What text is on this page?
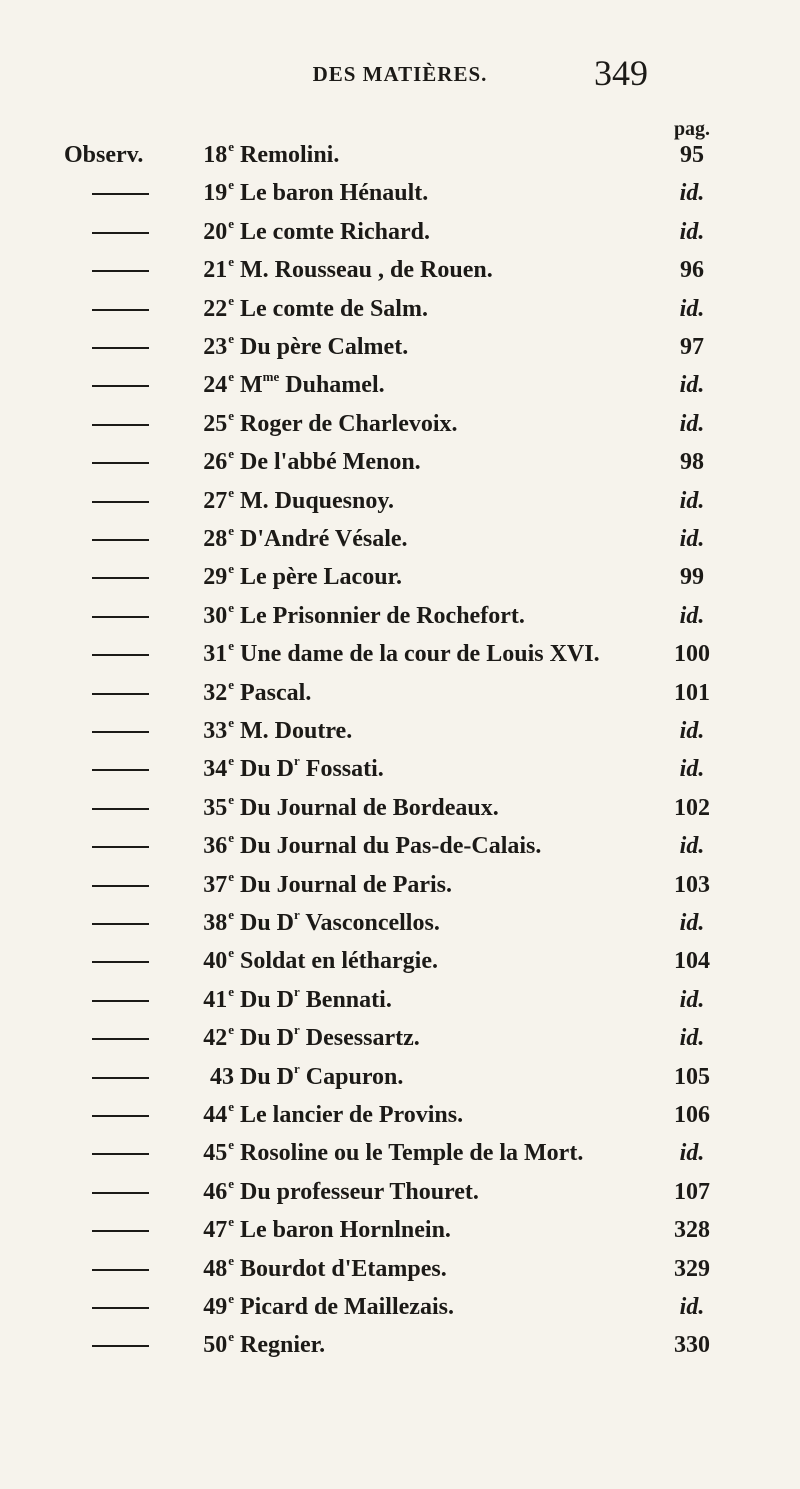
DES MATIÈRES.	349
pag.
Observ.	18e Remolini.	95
19e Le baron Hénault.	id.
20e Le comte Richard.	id.
21e M. Rousseau , de Rouen.	96
22e Le comte de Salm.	id.
23e Du père Calmet.	97
24e $M^{me}$ Duhamel.	id.
25e Roger de Charlevoix.	id.
26e De l'abbé Menon.	98
27e M. Duquesnoy.	id.
28e D'André Vésale.	id.
29e Le père Lacour.	99
30e Le Prisonnier de Rochefort.	id.
31e Une dame de la cour de Louis XVI.	100
32e Pascal.	101
33e M. Doutre.	id.
34e Du $D^r$ Fossati.	id.
35e Du Journal de Bordeaux.	102
36e Du Journal du Pas-de-Calais.	id.
37e Du Journal de Paris.	103
38e Du $D^r$ Vasconcellos.	id.
40e Soldat en léthargie.	104
41e Du $D^r$ Bennati.	id.
42e Du $D^r$ Desessartz.	id.
43 Du $D^r$ Capuron.	105
44e Le lancier de Provins.	106
45e Rosoline ou le Temple de la Mort.	id.
46e Du professeur Thouret.	107
47e Le baron Hornlnein.	328
48e Bourdot d'Etampes.	329
49e Picard de Maillezais.	id.
50e Regnier.	330
